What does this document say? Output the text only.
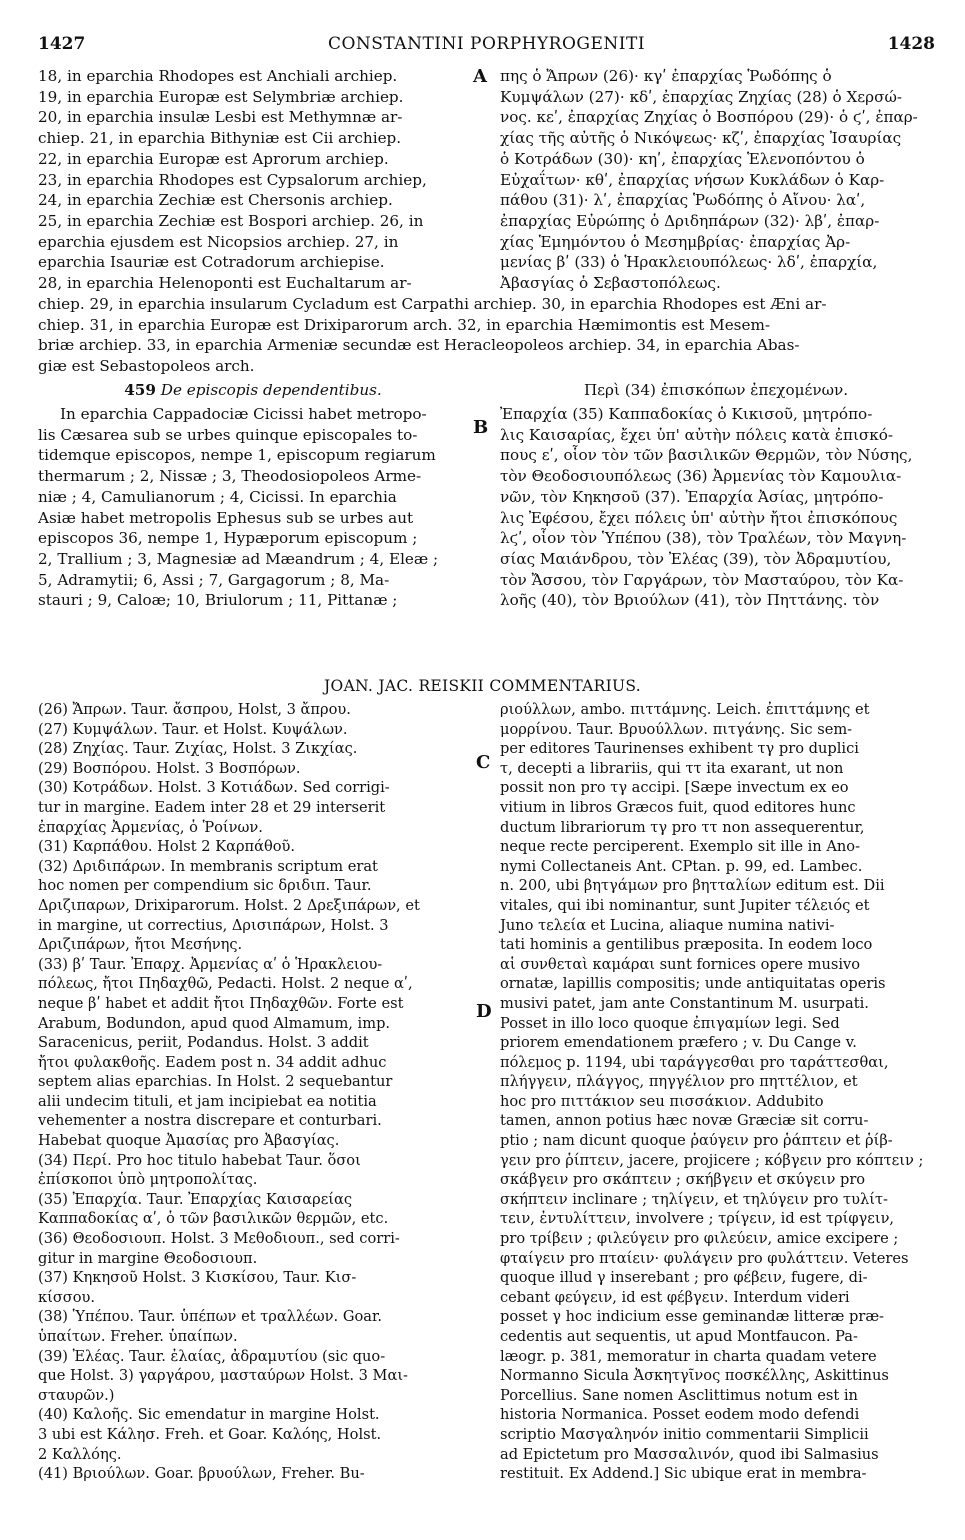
1427	CONSTANTINI PORPHYROGENITI	1428
A
B
C
D

18, in eparchia Rhodopes est Anchiali archiep.

19, in eparchia Europæ est Selymbriæ archiep.

20, in eparchia insulæ Lesbi est Methymnæ ar-

chiep. 21, in eparchia Bithyniæ est Cii archiep.

22, in eparchia Europæ est Aprorum archiep.

23, in eparchia Rhodopes est Cypsalorum archiep,

24, in eparchia Zechiæ est Chersonis archiep.

25, in eparchia Zechiæ est Bospori archiep. 26, in

eparchia ejusdem est Nicopsios archiep. 27, in

eparchia Isauriæ est Cotradorum archiepise.

28, in eparchia Helenoponti est Euchaltarum ar-

πης ὁ Ἄπρων (26)· κγʹ ἐπαρχίας Ῥωδόπης ὁ

Κυμψάλων (27)· κδʹ, ἐπαρχίας Ζηχίας (28) ὁ Χερσώ-

νος. κεʹ, ἐπαρχίας Ζηχίας ὁ Βοσπόρου (29)· ὁ ϛʹ, ἐπαρ-

χίας τῆς αὐτῆς ὁ Νικόψεως· κζʹ, ἐπαρχίας Ἰσαυρίας

ὁ Κοτράδων (30)· κηʹ, ἐπαρχίας Ἑλενοπόντου ὁ

Εὐχαΐτων· κθʹ, ἐπαρχίας νήσων Κυκλάδων ὁ Καρ-

πάθου (31)· λʹ, ἐπαρχίας Ῥωδόπης ὁ Αἴνου· λαʹ,

ἐπαρχίας Εὐρώπης ὁ Δριδηπάρων (32)· λβʹ, ἐπαρ-

χίας Ἑμημόντου ὁ Μεσημβρίας· ἐπαρχίας Ἀρ-

μενίας βʹ (33) ὁ Ἡρακλειουπόλεως· λδʹ, ἐπαρχία,

Ἀβασγίας ὁ Σεβαστοπόλεως.

chiep. 29, in eparchia insularum Cycladum est Carpathi archiep. 30, in eparchia Rhodopes est Æni ar-

chiep. 31, in eparchia Europæ est Drixiparorum arch. 32, in eparchia Hæmimontis est Mesem-

briæ archiep. 33, in eparchia Armeniæ secundæ est Heracleopoleos archiep. 34, in eparchia Abas-

giæ est Sebastopoleos arch.

459 De episcopis dependentibus.	Περὶ (34) ἐπισκόπων ἐπεχομένων.

In eparchia Cappadociæ Cicissi habet metropo-

lis Cæsarea sub se urbes quinque episcopales to-

tidemque episcopos, nempe 1, episcopum regiarum

thermarum ; 2, Nissæ ; 3, Theodosiopoleos Arme-

niæ ; 4, Camulianorum ; 4, Cicissi. In eparchia

Asiæ habet metropolis Ephesus sub se urbes aut

episcopos 36, nempe 1, Hypæporum episcopum ;

2, Trallium ; 3, Magnesiæ ad Mæandrum ; 4, Eleæ ;

5, Adramytii; 6, Assi ; 7, Gargagorum ; 8, Ma-

stauri ; 9, Caloæ; 10, Briulorum ; 11, Pittanæ ;

Ἐπαρχία (35) Καππαδοκίας ὁ Κικισοῦ, μητρόπο-

λις Καισαρίας, ἔχει ὑπ' αὐτὴν πόλεις κατὰ ἐπισκό-

πους εʹ, οἷον τὸν τῶν βασιλικῶν Θερμῶν, τὸν Νύσης,

τὸν Θεοδοσιουπόλεως (36) Ἀρμενίας τὸν Καμουλια-

νῶν, τὸν Κηκησοῦ (37). Ἐπαρχία Ἀσίας, μητρόπο-

λις Ἐφέσου, ἔχει πόλεις ὑπ' αὐτὴν ἤτοι ἐπισκόπους

λϛʹ, οἷον τὸν Ὑπέπου (38), τὸν Τραλέων, τὸν Μαγνη-

σίας Μαιάνδρου, τὸν Ἐλέας (39), τὸν Ἀδραμυτίου,

τὸν Ἄσσου, τὸν Γαργάρων, τὸν Μασταύρου, τὸν Κα-

λοῆς (40), τὸν Βριούλων (41), τὸν Πηττάνης. τὸν

JOAN. JAC. REISKII COMMENTARIUS.

(26) Ἄπρων. Taur. ἄσπρου, Holst, 3 ἄπρου.

(27) Κυμψάλων. Taur. et Holst. Κυψάλων.

(28) Ζηχίας. Taur. Ζιχίας, Holst. 3 Ζικχίας.

(29) Βοσπόρου. Holst. 3 Βοσπόρων.

(30) Κοτράδων. Holst. 3 Κοτιάδων. Sed corrigi-

tur in margine. Eadem inter 28 et 29 interserit

ἐπαρχίας Ἀρμενίας, ὁ Ῥοίνων.

(31) Καρπάθου. Holst 2 Καρπάθοῦ.

(32) Δριδιπάρων. In membranis scriptum erat

hoc nomen per compendium sic δριδιπ. Taur.

Δριζιπαρων, Drixiparorum. Holst. 2 Δρεξιπάρων, et

in margine, ut correctius, Δρισιπάρων, Holst. 3

Δριζιπάρων, ἤτοι Μεσήνης.

(33) βʹ Taur. Ἐπαρχ. Ἀρμενίας αʹ ὁ Ἡρακλειου-

πόλεως, ἤτοι Πηδαχθῶ, Pedacti. Holst. 2 neque αʹ,

neque βʹ habet et addit ἤτοι Πηδαχθῶν. Forte est

Arabum, Bodundon, apud quod Almamum, imp.

Saracenicus, periit, Podandus. Holst. 3 addit

ἤτοι φυλακθοῆς. Eadem post n. 34 addit adhuc

septem alias eparchias. In Holst. 2 sequebantur

alii undecim tituli, et jam incipiebat ea notitia

vehementer a nostra discrepare et conturbari.

Habebat quoque Ἀμασίας pro Ἀβασγίας.

(34) Περί. Pro hoc titulo habebat Taur. ὅσοι

ἐπίσκοποι ὑπὸ μητροπολίτας.

(35) Ἐπαρχία. Taur. Ἐπαρχίας Καισαρείας

Καππαδοκίας αʹ, ὁ τῶν βασιλικῶν θερμῶν, etc.

(36) Θεοδοσιουπ. Holst. 3 Μεθοδιουπ., sed corri-

gitur in margine Θεοδοσιουπ.

(37) Κηκησοῦ Holst. 3 Κισκίσου, Taur. Κισ-

κίσσου.

(38) Ὑπέπου. Taur. ὑπέπων et τραλλέων. Goar.

ὑπαίτων. Freher. ὑπαίπων.

(39) Ἐλέας. Taur. ἐλαίας, ἀδραμυτίου (sic quo-

que Holst. 3) γαργάρου, μασταύρων Holst. 3 Μαι-

σταυρῶν.)

(40) Καλοῆς. Sic emendatur in margine Holst.

3 ubi est Κάλησ. Freh. et Goar. Καλόης, Holst.

2 Καλλόης.

(41) Βριούλων. Goar. βρυούλων, Freher. Bu-

ριούλλων, ambo. πιττάμνης. Leich. ἐπιττάμνης et

μορρίνου. Taur. Βρυούλλων. πιτγάνης. Sic sem-

per editores Taurinenses exhibent τγ pro duplici

τ, decepti a librariis, qui ττ ita exarant, ut non

possit non pro τγ accipi. [Sæpe invectum ex eo

vitium in libros Græcos fuit, quod editores hunc

ductum librariorum τγ pro ττ non assequerentur,

neque recte perciperent. Exemplo sit ille in Ano-

nymi Collectaneis Ant. CPtan. p. 99, ed. Lambec.

n. 200, ubi βητγάμων pro βητταλίων editum est. Dii

vitales, qui ibi nominantur, sunt Jupiter τέλειός et

Juno τελεία et Lucina, aliaque numina nativi-

tati hominis a gentilibus præposita. In eodem loco

αἱ συνθεταὶ καμάραι sunt fornices opere musivo

ornatæ, lapillis compositis; unde antiquitatas operis

musivi patet, jam ante Constantinum M. usurpati.

Posset in illo loco quoque ἐπιγαμίων legi. Sed

priorem emendationem præfero ; v. Du Cange v.

πόλεμος p. 1194, ubi ταράγγεσθαι pro ταράττεσθαι,

πλήγγειν, πλάγγος, πηγγέλιον pro πηττέλιον, et

hoc pro πιττάκιον seu πισσάκιον. Addubito

tamen, annon potius hæc novæ Græciæ sit corru-

ptio ; nam dicunt quoque ῥαύγειν pro ῥάπτειν et ῥίβ-

γειν pro ῥίπτειν, jacere, projicere ; κόβγειν pro κόπτειν ;

σκάβγειν pro σκάπτειν ; σκήβγειν et σκύγειν pro

σκήπτειν inclinare ; τηλίγειν, et τηλύγειν pro τυλίτ-

τειν, ἐντυλίττειν, involvere ; τρίγειν, id est τρίφγειν,

pro τρίβειν ; φιλεύγειν pro φιλεύειν, amice excipere ;

φταίγειν pro πταίειν· φυλάγειν pro φυλάττειν. Veteres

quoque illud γ inserebant ; pro φέβειν, fugere, di-

cebant φεύγειν, id est φέβγειν. Interdum videri

posset γ hoc indicium esse geminandæ litteræ præ-

cedentis aut sequentis, ut apud Montfaucon. Pa-

læogr. p. 381, memoratur in charta quadam vetere

Normanno Sicula Ἀσκητγῖνος ποσκέλλης, Askittinus

Porcellius. Sane nomen Asclittimus notum est in

historia Normanica. Posset eodem modo defendi

scriptio Μασγαληνόν initio commentarii Simplicii

ad Epictetum pro Μασσαλινόν, quod ibi Salmasius

restituit. Ex Addend.] Sic ubique erat in membra-
